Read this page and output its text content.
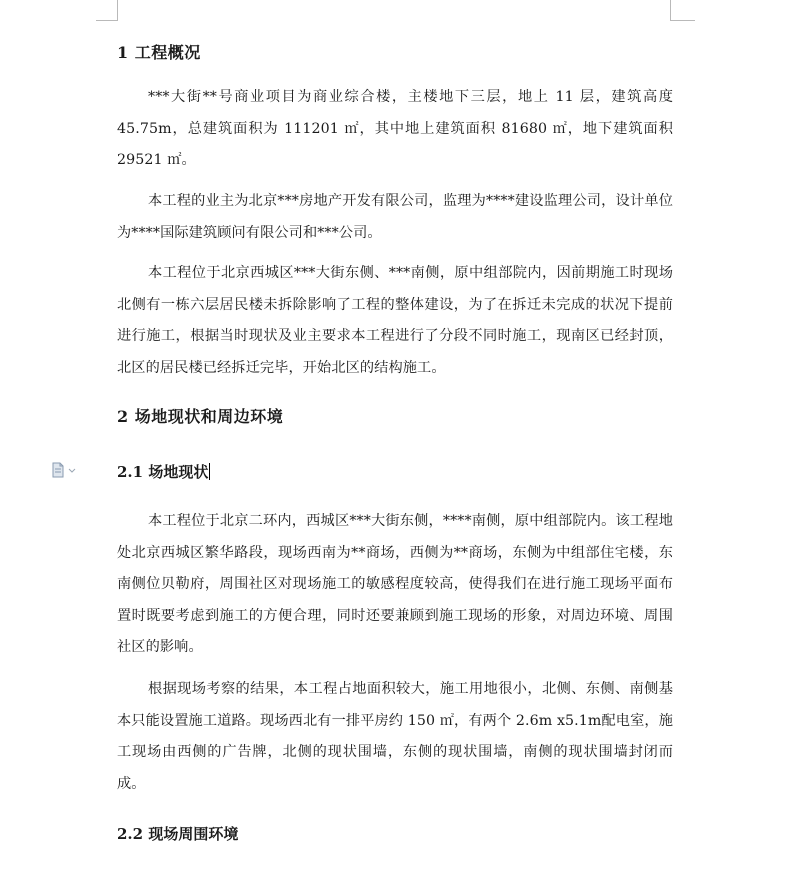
1 工程概况
***大街**号商业项目为商业综合楼，主楼地下三层，地上 11 层，建筑高度45.75m，总建筑面积为 111201 ㎡，其中地上建筑面积 81680 ㎡，地下建筑面积29521 ㎡。
本工程的业主为北京***房地产开发有限公司，监理为****建设监理公司，设计单位为****国际建筑顾问有限公司和***公司。
本工程位于北京西城区***大街东侧、***南侧，原中组部院内，因前期施工时现场北侧有一栋六层居民楼未拆除影响了工程的整体建设，为了在拆迁未完成的状况下提前进行施工，根据当时现状及业主要求本工程进行了分段不同时施工，现南区已经封顶，北区的居民楼已经拆迁完毕，开始北区的结构施工。
2 场地现状和周边环境
2.1 场地现状
本工程位于北京二环内，西城区***大街东侧，****南侧，原中组部院内。该工程地处北京西城区繁华路段，现场西南为**商场，西侧为**商场，东侧为中组部住宅楼，东南侧位贝勒府，周围社区对现场施工的敏感程度较高，使得我们在进行施工现场平面布置时既要考虑到施工的方便合理，同时还要兼顾到施工现场的形象，对周边环境、周围社区的影响。
根据现场考察的结果，本工程占地面积较大，施工用地很小，北侧、东侧、南侧基本只能设置施工道路。现场西北有一排平房约 150 ㎡，有两个 2.6m x5.1m配电室，施工现场由西侧的广告牌，北侧的现状围墙，东侧的现状围墙，南侧的现状围墙封闭而成。
2.2 现场周围环境
